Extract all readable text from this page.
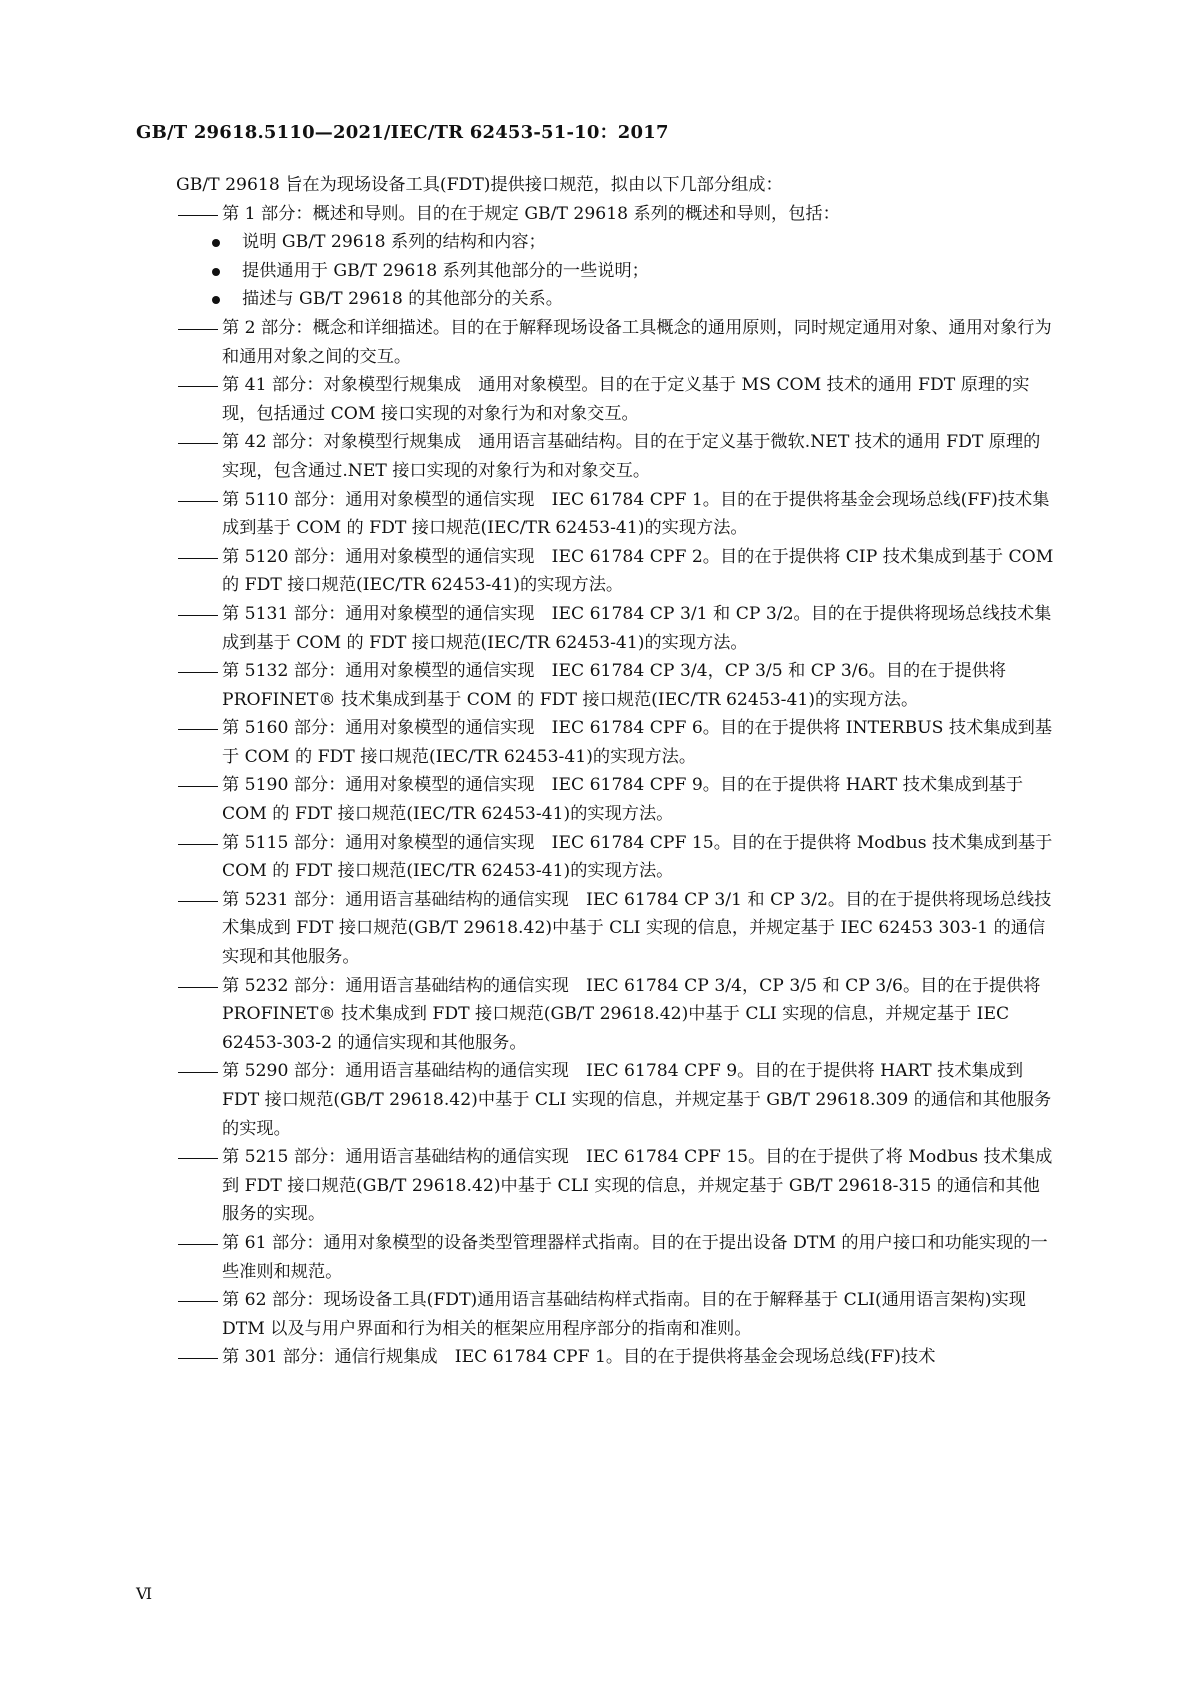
GB/T 29618.5110—2021/IEC/TR 62453-51-10：2017

GB/T 29618 旨在为现场设备工具(FDT)提供接口规范，拟由以下几部分组成：

第 1 部分：概述和导则。目的在于规定 GB/T 29618 系列的概述和导则，包括：
说明 GB/T 29618 系列的结构和内容；
提供通用于 GB/T 29618 系列其他部分的一些说明；
描述与 GB/T 29618 的其他部分的关系。
第 2 部分：概念和详细描述。目的在于解释现场设备工具概念的通用原则，同时规定通用对象、通用对象行为和通用对象之间的交互。
第 41 部分：对象模型行规集成　通用对象模型。目的在于定义基于 MS COM 技术的通用 FDT 原理的实现，包括通过 COM 接口实现的对象行为和对象交互。
第 42 部分：对象模型行规集成　通用语言基础结构。目的在于定义基于微软.NET 技术的通用 FDT 原理的实现，包含通过.NET 接口实现的对象行为和对象交互。
第 5110 部分：通用对象模型的通信实现　IEC 61784 CPF 1。目的在于提供将基金会现场总线(FF)技术集成到基于 COM 的 FDT 接口规范(IEC/TR 62453-41)的实现方法。
第 5120 部分：通用对象模型的通信实现　IEC 61784 CPF 2。目的在于提供将 CIP 技术集成到基于 COM 的 FDT 接口规范(IEC/TR 62453-41)的实现方法。
第 5131 部分：通用对象模型的通信实现　IEC 61784 CP 3/1 和 CP 3/2。目的在于提供将现场总线技术集成到基于 COM 的 FDT 接口规范(IEC/TR 62453-41)的实现方法。
第 5132 部分：通用对象模型的通信实现　IEC 61784 CP 3/4，CP 3/5 和 CP 3/6。目的在于提供将 PROFINET® 技术集成到基于 COM 的 FDT 接口规范(IEC/TR 62453-41)的实现方法。
第 5160 部分：通用对象模型的通信实现　IEC 61784 CPF 6。目的在于提供将 INTERBUS 技术集成到基于 COM 的 FDT 接口规范(IEC/TR 62453-41)的实现方法。
第 5190 部分：通用对象模型的通信实现　IEC 61784 CPF 9。目的在于提供将 HART 技术集成到基于 COM 的 FDT 接口规范(IEC/TR 62453-41)的实现方法。
第 5115 部分：通用对象模型的通信实现　IEC 61784 CPF 15。目的在于提供将 Modbus 技术集成到基于 COM 的 FDT 接口规范(IEC/TR 62453-41)的实现方法。
第 5231 部分：通用语言基础结构的通信实现　IEC 61784 CP 3/1 和 CP 3/2。目的在于提供将现场总线技术集成到 FDT 接口规范(GB/T 29618.42)中基于 CLI 实现的信息，并规定基于 IEC 62453 303-1 的通信实现和其他服务。
第 5232 部分：通用语言基础结构的通信实现　IEC 61784 CP 3/4，CP 3/5 和 CP 3/6。目的在于提供将 PROFINET® 技术集成到 FDT 接口规范(GB/T 29618.42)中基于 CLI 实现的信息，并规定基于 IEC 62453-303-2 的通信实现和其他服务。
第 5290 部分：通用语言基础结构的通信实现　IEC 61784 CPF 9。目的在于提供将 HART 技术集成到 FDT 接口规范(GB/T 29618.42)中基于 CLI 实现的信息，并规定基于 GB/T 29618.309 的通信和其他服务的实现。
第 5215 部分：通用语言基础结构的通信实现　IEC 61784 CPF 15。目的在于提供了将 Modbus 技术集成到 FDT 接口规范(GB/T 29618.42)中基于 CLI 实现的信息，并规定基于 GB/T 29618-315 的通信和其他服务的实现。
第 61 部分：通用对象模型的设备类型管理器样式指南。目的在于提出设备 DTM 的用户接口和功能实现的一些准则和规范。
第 62 部分：现场设备工具(FDT)通用语言基础结构样式指南。目的在于解释基于 CLI(通用语言架构)实现 DTM 以及与用户界面和行为相关的框架应用程序部分的指南和准则。
第 301 部分：通信行规集成　IEC 61784 CPF 1。目的在于提供将基金会现场总线(FF)技术
Ⅵ
